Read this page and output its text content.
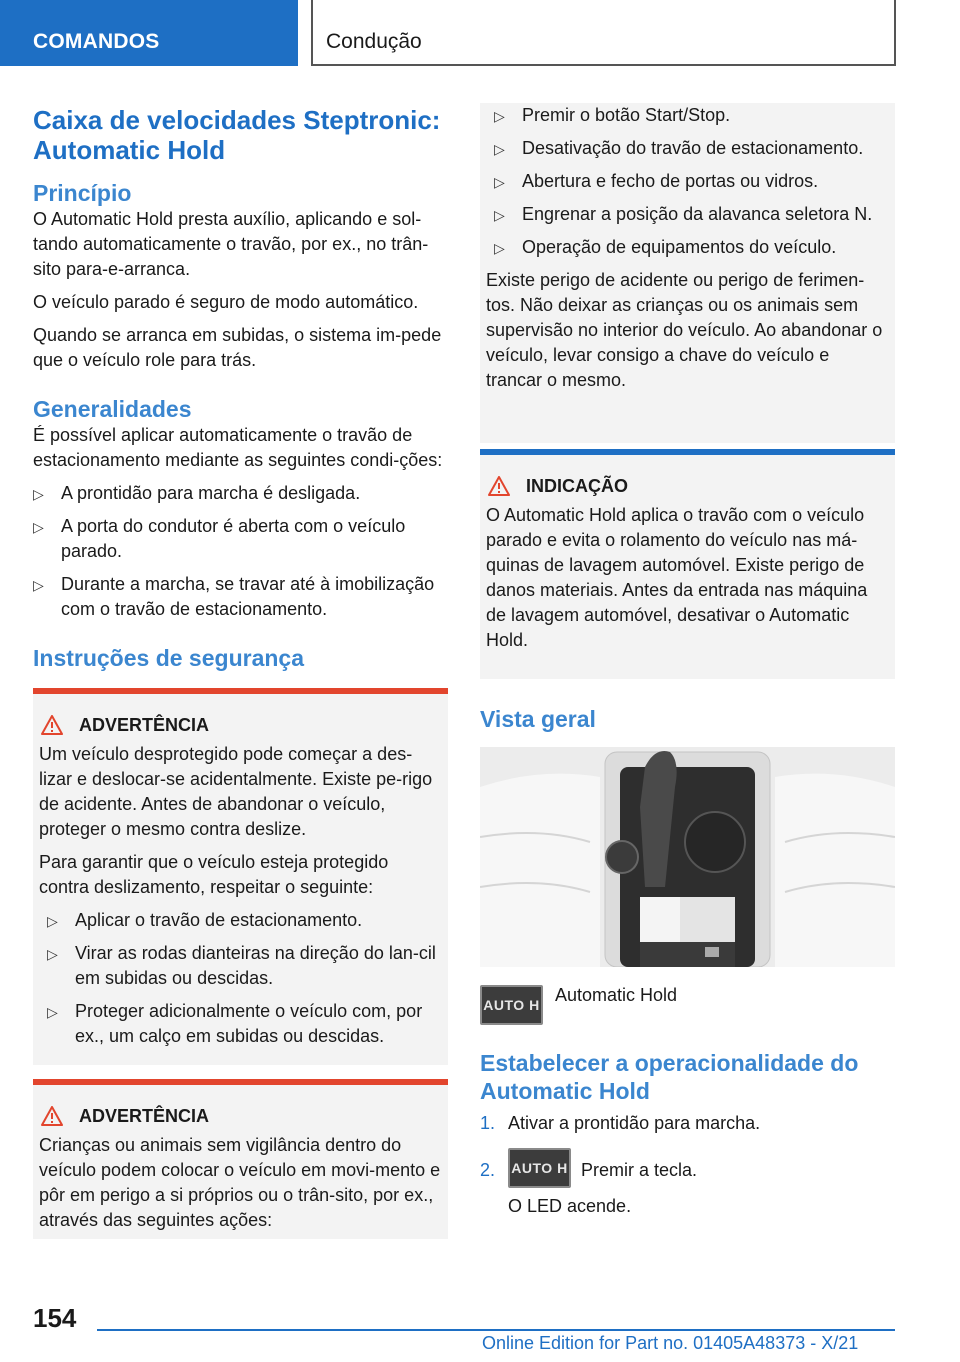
COMANDOS	Condução
Caixa de velocidades Steptronic: Automatic Hold
Princípio

O Automatic Hold presta auxílio, aplicando e sol-tando automaticamente o travão, por ex., no trân-sito para-e-arranca.

O veículo parado é seguro de modo automático.

Quando se arranca em subidas, o sistema im-pede que o veículo role para trás.

Generalidades

É possível aplicar automaticamente o travão de estacionamento mediante as seguintes condi-ções:

▷ A prontidão para marcha é desligada.
▷ A porta do condutor é aberta com o veículo parado.
▷ Durante a marcha, se travar até à imobilização com o travão de estacionamento.
Instruções de segurança
ADVERTÊNCIA

Um veículo desprotegido pode começar a des-lizar e deslocar-se acidentalmente. Existe pe-rigo de acidente. Antes de abandonar o veículo, proteger o mesmo contra deslize.

Para garantir que o veículo esteja protegido contra deslizamento, respeitar o seguinte:

▷ Aplicar o travão de estacionamento.
▷ Virar as rodas dianteiras na direção do lan-cil em subidas ou descidas.
▷ Proteger adicionalmente o veículo com, por ex., um calço em subidas ou descidas.
ADVERTÊNCIA

Crianças ou animais sem vigilância dentro do veículo podem colocar o veículo em movi-mento e pôr em perigo a si próprios ou o trân-sito, por ex., através das seguintes ações:

▷ Premir o botão Start/Stop.
▷ Desativação do travão de estacionamento.
▷ Abertura e fecho de portas ou vidros.
▷ Engrenar a posição da alavanca seletora N.
▷ Operação de equipamentos do veículo.

Existe perigo de acidente ou perigo de ferimen-tos. Não deixar as crianças ou os animais sem supervisão no interior do veículo. Ao abandonar o veículo, levar consigo a chave do veículo e trancar o mesmo.

INDICAÇÃO

O Automatic Hold aplica o travão com o veículo parado e evita o rolamento do veículo nas má-quinas de lavagem automóvel. Existe perigo de danos materiais. Antes da entrada nas máquina de lavagem automóvel, desativar o Automatic Hold.

Vista geral
AUTO H Automatic Hold
Estabelecer a operacionalidade do Automatic Hold
1. Ativar a prontidão para marcha.
2. AUTO H Premir a tecla.

O LED acende.

154
Online Edition for Part no. 01405A48373 - X/21
